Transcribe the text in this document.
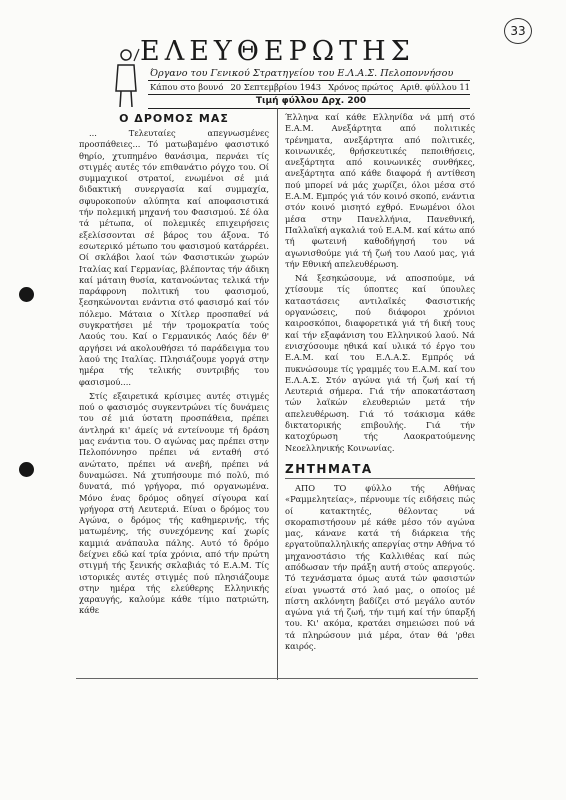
33
ΕΛΕΥΘΕΡΩΤΗΣ
Όργανο του Γενικού Στρατηγείου του Ε.Λ.Α.Σ. Πελοποννήσου
Κάπου στο βουνό 20 Σεπτεμβρίου 1943 Χρόνος πρώτος Αριθ. φύλλου 11
Τιμή φύλλου Δρχ. 200

Ο ΔΡΟΜΟΣ ΜΑΣ

... Τελευταίες απεγνωσμένες προσπάθειες... Τό ματωβαμένο φασιστικό θηρίο, χτυπημένο θανάσιμα, περνάει τίς στιγμές αυτές τόν επιθανάτιο ρόγχο του. Οί συμμαχικοί στρατοί, ενωμένοι σέ μιά διδακτική συνεργασία καί συμμαχία, σφυροκοπούν αλύπητα καί αποφασιστικά τήν πολεμική μηχανή του Φασισμού. Σέ όλα τά μέτωπα, οί πολεμικές επιχειρήσεις εξελίσσονται σέ βάρος του άξονα. Τό εσωτερικό μέτωπο του φασισμού κατάρρέει. Οί σκλάβοι λαοί τών Φασιστικών χωρών Ιταλίας καί Γερμανίας, βλέποντας τήν άδικη καί μάταιη θυσία, κατανοώντας τελικά τήν παράφρονη πολιτική του φασισμού, ξεσηκώνονται ενάντια στό φασισμό καί τόν πόλεμο. Μάταια ο Χίτλερ προσπαθεί νά συγκρατήσει μέ τήν τρομοκρατία τούς Λαούς του. Καί ο Γερμανικός Λαός δέν θ' αργήσει νά ακολουθήσει τό παράδειγμα του λαού της Ιταλίας. Πλησιάζουμε γοργά στην ημέρα τής τελικής συντριβής του φασισμού....

Στίς εξαιρετικά κρίσιμες αυτές στιγμές πού ο φασισμός συγκεντρώνει τίς δυνάμεις του σέ μιά ύστατη προσπάθεια, πρέπει άντληρά κι' άμείς νά εντείνουμε τή δράση μας ενάντια του. Ο αγώνας μας πρέπει στην Πελοπόννησο πρέπει νά ενταθή στό ανώτατο, πρέπει νά ανεβή, πρέπει νά δυναμώσει. Νά χτυπήσουμε πιό πολύ, πιό δυνατά, πιό γρήγορα, πιό οργανωμένα. Μόνο ένας δρόμος οδηγεί σίγουρα καί γρήγορα στή Λευτεριά. Είναι ο δρόμος του Αγώνα, ο δρόμος τής καθημερινής, τής ματωμένης, τής συνεχόμενης καί χωρίς καμμιά ανάπαυλα πάλης. Αυτό τό δρόμο δείχνει εδώ καί τρία χρόνια, από τήν πρώτη στιγμή τής ξενικής σκλαβιάς τό Ε.Α.Μ. Τίς ιστορικές αυτές στιγμές πού πλησιάζουμε στην ημέρα τής ελεύθερης Ελληνικής χαραυγής, καλούμε κάθε τίμιο πατριώτη, κάθε

Έλληνα καί κάθε Ελληνίδα νά μπή στό Ε.Α.Μ. Ανεξάρτητα από πολιτικές τρένηματα, ανεξάρτητα από πολιτικές, κοινωνικές, θρήσκευτικές πεποιθήσεις, ανεξάρτητα από κοινωνικές συνθήκες, ανεξάρτητα από κάθε διαφορά ή αντίθεση πού μπορεί νά μάς χωρίζει, όλοι μέσα στό Ε.Α.Μ. Εμπρός γιά τόν κοινό σκοπό, ενάντια στόν κοινό μισητό εχθρό. Ενωμένοι όλοι μέσα στην Πανελλήνια, Πανεθνική, Παλλαϊκή αγκαλιά τού Ε.Α.Μ. καί κάτω από τή φωτεινή καθοδήγησή του νά αγωνισθούμε γιά τή ζωή του Λαού μας, γιά τήν Εθνική απελευθέρωση.

Νά ξεσηκώσουμε, νά αποσπούμε, νά χτίσουμε τίς ύποπτες καί ύπουλες καταστάσεις αντιλαϊκές Φασιστικής οργανώσεις, πού διάφοροι χρόνιοι καιροσκόποι, διαφορετικά γιά τή δική τους καί τήν εξαφάνιση του Ελληνικού λαού. Νά ενισχύσουμε ηθικά καί υλικά τό έργο του Ε.Α.Μ. καί του Ε.Λ.Α.Σ. Εμπρός νά πυκνώσουμε τίς γραμμές του Ε.Α.Μ. καί του Ε.Λ.Α.Σ. Στόν αγώνα γιά τή ζωή καί τή Λευτεριά σήμερα. Γιά τήν αποκατάσταση τών λαϊκών ελευθεριών μετά τήν απελευθέρωση. Γιά τό τσάκισμα κάθε δικτατορικής επιβουλής. Γιά τήν κατοχύρωση τής Λαοκρατούμενης Νεοελληνικής Κοινωνίας.

ΖΗΤΗΜΑΤΑ

ΑΠΟ ΤΟ φύλλο τής Αθήνας «Ραμμελητείας», πέρνουμε τίς ειδήσεις πώς οί κατακτητές, θέλοντας νά σκοραπιστήσουν μέ κάθε μέσο τόν αγώνα μας, κάνανε κατά τή διάρκεια τής εργατοϋπαλληλικής απεργίας στην Αθήνα τό μηχανοστάσιο τής Καλλιθέας καί πώς απόδωσαν τήν πράξη αυτή στούς απεργούς. Τό τεχνάσματα όμως αυτά τών φασιστών είναι γνωστά στό λαό μας, ο οποίος μέ πίστη ακλόνητη βαδίζει στό μεγάλο αυτόν αγώνα γιά τή ζωή, τήν τιμή καί τήν ύπαρξή του. Κι' ακόμα, κρατάει σημειώσει πού νά τά πληρώσουν μιά μέρα, όταν θά 'ρθει καιρός.
